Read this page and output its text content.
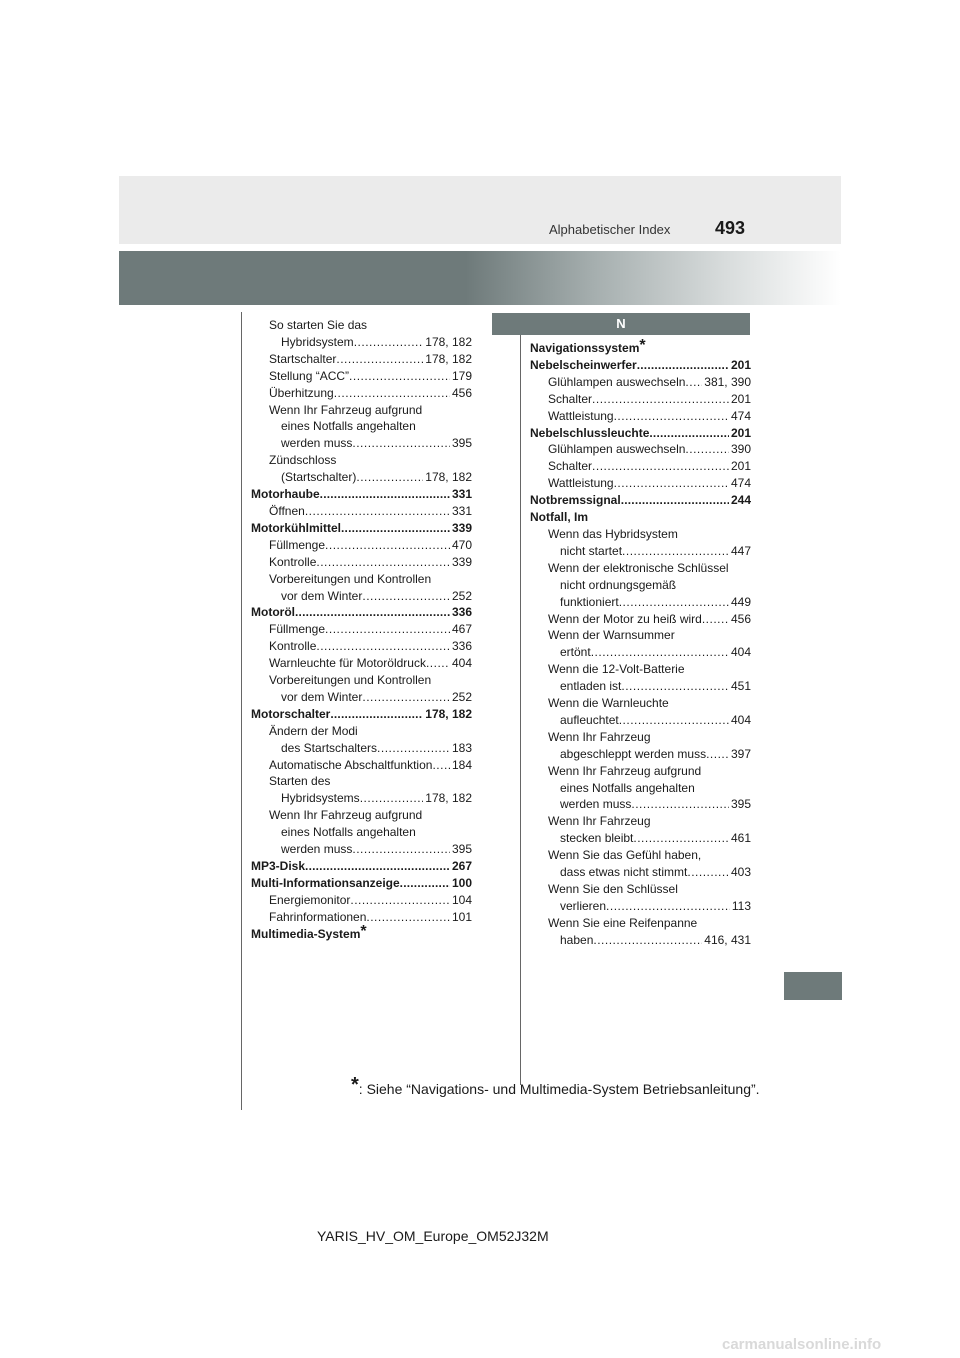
493
Alphabetischer Index
So starten Sie das
Hybridsystem .....	178, 182
Startschalter .....	178, 182
Stellung “ACC” .....	179
Überhitzung .....	456
Wenn Ihr Fahrzeug aufgrund
eines Notfalls angehalten
werden muss .....	395
Zündschloss
(Startschalter) .....	178, 182
Motorhaube .....	331
Öffnen .....	331
Motorkühlmittel .....	339
Füllmenge .....	470
Kontrolle .....	339
Vorbereitungen und Kontrollen
vor dem Winter .....	252
Motoröl .....	336
Füllmenge .....	467
Kontrolle .....	336
Warnleuchte für Motoröldruck ..... 404
Vorbereitungen und Kontrollen
vor dem Winter .....	252
Motorschalter .....	178, 182
Ändern der Modi
des Startschalters .....	183
Automatische Abschaltfunktion ..... 184
Starten des
Hybridsystems .....	178, 182
Wenn Ihr Fahrzeug aufgrund
eines Notfalls angehalten
werden muss .....	395
MP3-Disk .....	267
Multi-Informationsanzeige .....	100
Energiemonitor .....	104
Fahrinformationen .....	101
Multimedia-System*
N
Navigationssystem*
Nebelscheinwerfer .....	201
Glühlampen auswechseln ..... 381, 390
Schalter .....	201
Wattleistung .....	474
Nebelschlussleuchte .....	201
Glühlampen auswechseln .....	390
Schalter .....	201
Wattleistung .....	474
Notbremssignal .....	244
Notfall, Im
Wenn das Hybridsystem
nicht startet .....	447
Wenn der elektronische Schlüssel
nicht ordnungsgemäß
funktioniert .....	449
Wenn der Motor zu heiß wird ..... 456
Wenn der Warnsummer
ertönt .....	404
Wenn die 12-Volt-Batterie
entladen ist .....	451
Wenn die Warnleuchte
aufleuchtet .....	404
Wenn Ihr Fahrzeug
abgeschleppt werden muss ..... 397
Wenn Ihr Fahrzeug aufgrund
eines Notfalls angehalten
werden muss .....	395
Wenn Ihr Fahrzeug
stecken bleibt .....	461
Wenn Sie das Gefühl haben,
dass etwas nicht stimmt .....	403
Wenn Sie den Schlüssel
verlieren .....	113
Wenn Sie eine Reifenpanne
haben .....	416, 431
*: Siehe “Navigations- und Multimedia-System Betriebsanleitung”.
YARIS_HV_OM_Europe_OM52J32M
carmanualsonline.info
